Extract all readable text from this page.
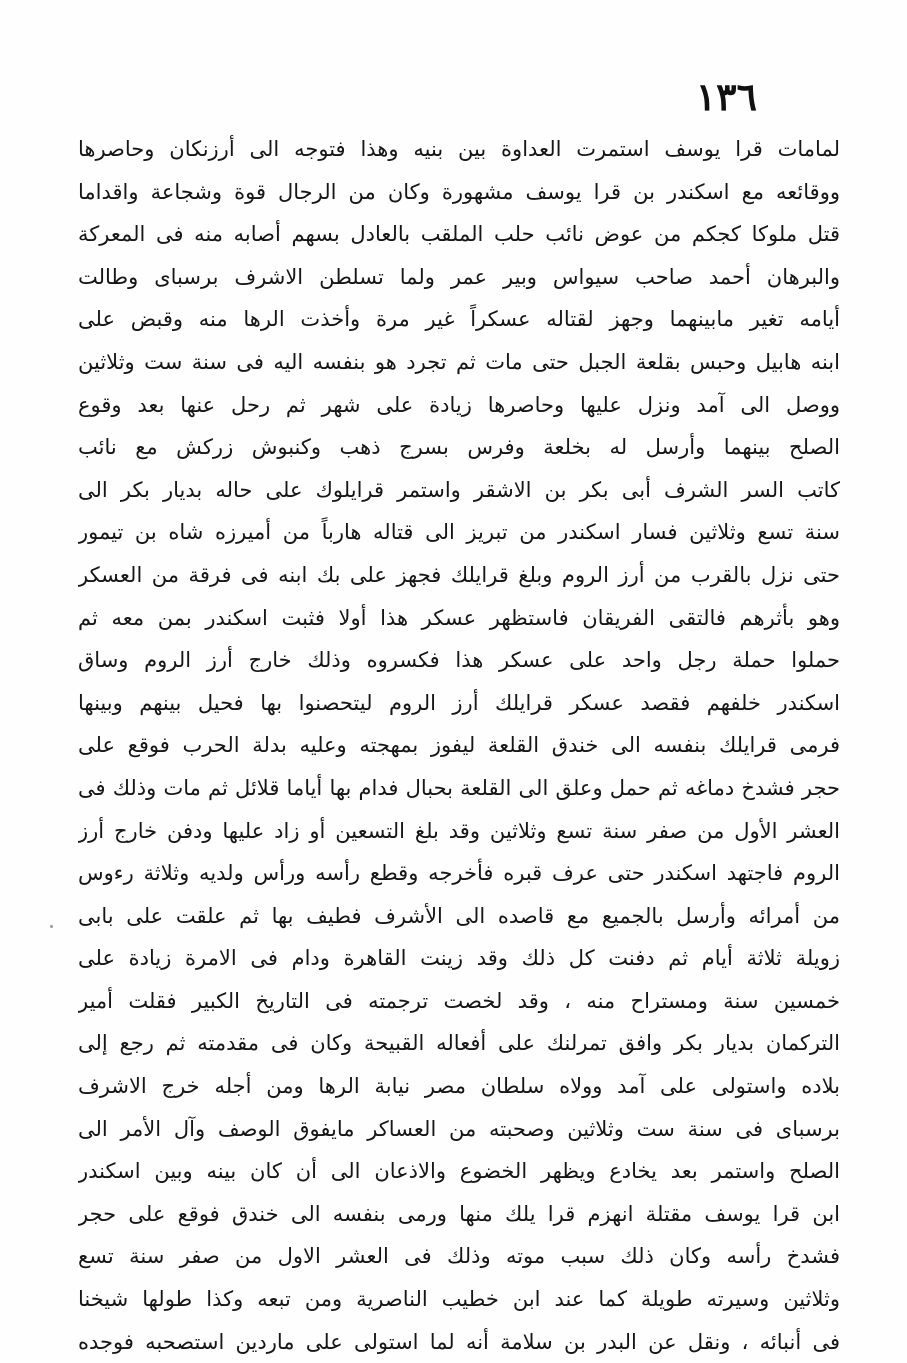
١٣٦
لمامات قرا يوسف استمرت العداوة بين بنيه وهذا فتوجه الى أرزنكان وحاصرها
ووقائعه مع اسكندر بن قرا يوسف مشهورة وكان من الرجال قوة وشجاعة واقداما
قتل ملوكا كجكم من عوض نائب حلب الملقب بالعادل بسهم أصابه منه فى المعركة
والبرهان أحمد صاحب سيواس وبير عمر ولما تسلطن الاشرف برسباى وطالت
أيامه تغير مابينهما وجهز لقتاله عسكراً غير مرة وأخذت الرها منه وقبض على
ابنه هابيل وحبس بقلعة الجبل حتى مات ثم تجرد هو بنفسه اليه فى سنة ست وثلاثين
ووصل الى آمد ونزل عليها وحاصرها زيادة على شهر ثم رحل عنها بعد وقوع
الصلح بينهما وأرسل له بخلعة وفرس بسرج ذهب وكنبوش زركش مع نائب
كاتب السر الشرف أبى بكر بن الاشقر واستمر قرايلوك على حاله بديار بكر الى
سنة تسع وثلاثين فسار اسكندر من تبريز الى قتاله هارباً من أميرزه شاه بن تيمور
حتى نزل بالقرب من أرز الروم وبلغ قرايلك فجهز على بك ابنه فى فرقة من العسكر
وهو بأثرهم فالتقى الفريقان فاستظهر عسكر هذا أولا فثبت اسكندر بمن معه ثم
حملوا حملة رجل واحد على عسكر هذا فكسروه وذلك خارج أرز الروم وساق
اسكندر خلفهم فقصد عسكر قرايلك أرز الروم ليتحصنوا بها فحيل بينهم وبينها
فرمى قرايلك بنفسه الى خندق القلعة ليفوز بمهجته وعليه بدلة الحرب فوقع على
حجر فشدخ دماغه ثم حمل وعلق الى القلعة بحبال فدام بها أياما قلائل ثم مات وذلك فى
العشر الأول من صفر سنة تسع وثلاثين وقد بلغ التسعين أو زاد عليها ودفن خارج أرز
الروم فاجتهد اسكندر حتى عرف قبره فأخرجه وقطع رأسه ورأس ولديه وثلاثة رءوس
من أمرائه وأرسل بالجميع مع قاصده الى الأشرف فطيف بها ثم علقت على بابى
زويلة ثلاثة أيام ثم دفنت كل ذلك وقد زينت القاهرة ودام فى الامرة زيادة على
خمسين سنة ومستراح منه ، وقد لخصت ترجمته فى التاريخ الكبير فقلت أمير
التركمان بديار بكر وافق تمرلنك على أفعاله القبيحة وكان فى مقدمته ثم رجع إلى
بلاده واستولى على آمد وولاه سلطان مصر نيابة الرها ومن أجله خرج الاشرف
برسباى فى سنة ست وثلاثين وصحبته من العساكر مايفوق الوصف وآل الأمر الى
الصلح واستمر بعد يخادع ويظهر الخضوع والاذعان الى أن كان بينه وبين اسكندر
ابن قرا يوسف مقتلة انهزم قرا يلك منها ورمى بنفسه الى خندق فوقع على حجر
فشدخ رأسه وكان ذلك سبب موته وذلك فى العشر الاول من صفر سنة تسع
وثلاثين وسيرته طويلة كما عند ابن خطيب الناصرية ومن تبعه وكذا طولها شيخنا
فى أنبائه ، ونقل عن البدر بن سلامة أنه لما استولى على ماردين استصحبه فوجده
